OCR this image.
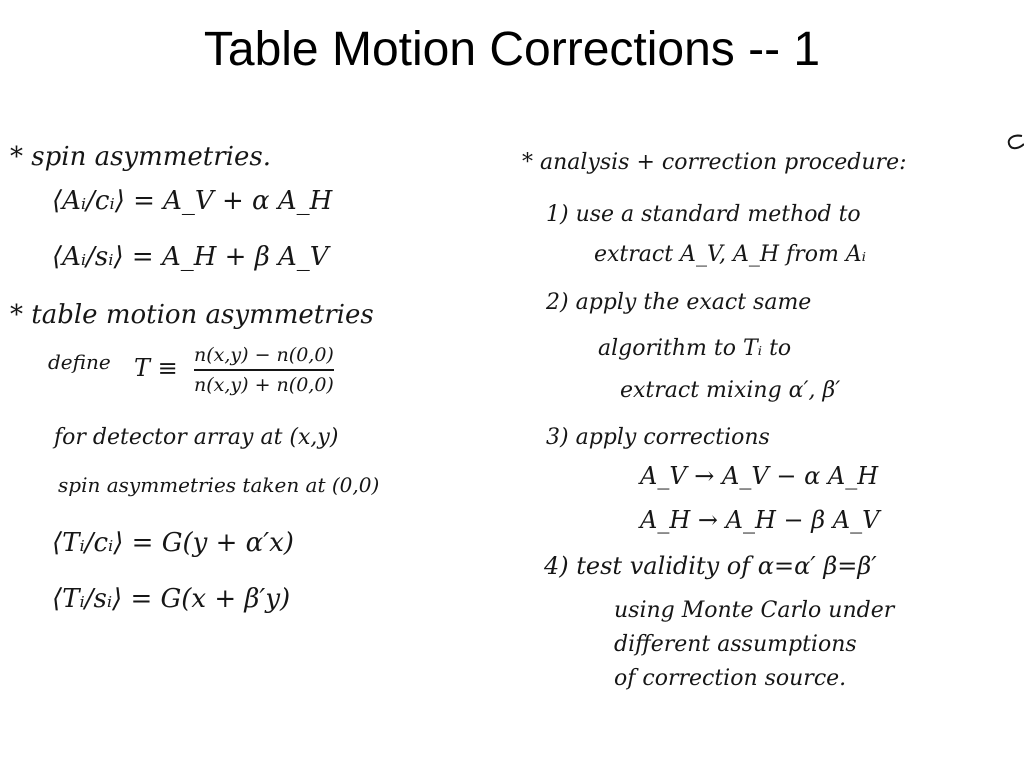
Table Motion Corrections -- 1
* spin asymmetries.
⟨Aᵢ/cᵢ⟩ = A_V + α A_H
⟨Aᵢ/sᵢ⟩ = A_H + β A_V
* table motion asymmetries
define T ≡ n(x,y) − n(0,0)
n(x,y) + n(0,0)
for detector array at (x,y)
spin asymmetries taken at (0,0)
⟨Tᵢ/cᵢ⟩ = G(y + α′x)
⟨Tᵢ/sᵢ⟩ = G(x + β′y)
* analysis + correction procedure:
1) use a standard method to
extract A_V, A_H from Aᵢ
2) apply the exact same
algorithm to Tᵢ to
extract mixing α′, β′
3) apply corrections
A_V → A_V − α A_H
A_H → A_H − β A_V
4) test validity of α=α′ β=β′
using Monte Carlo under
different assumptions
of correction source.
